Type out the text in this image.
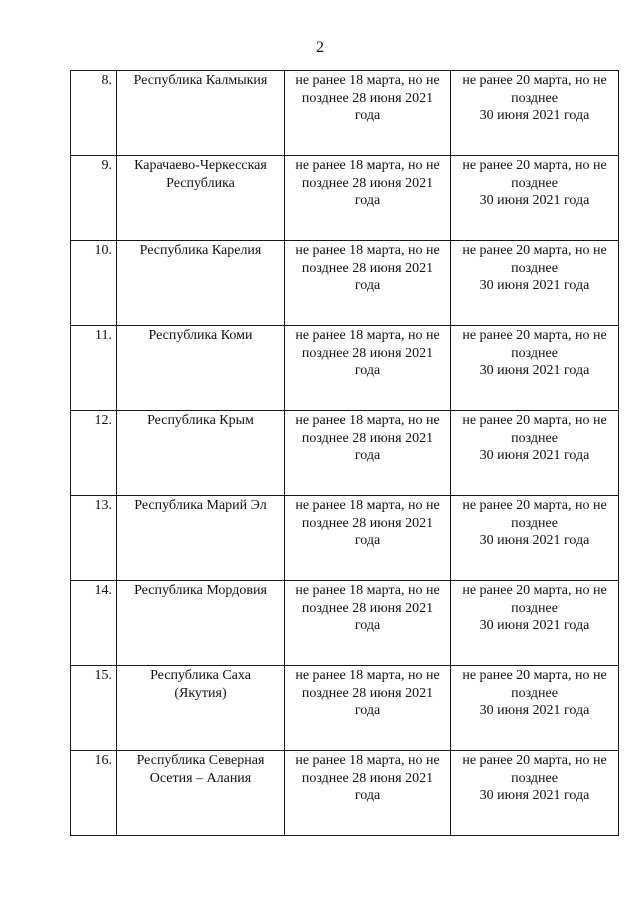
2
8.	Республика Калмыкия	не ранее 18 марта, но не
позднее 28 июня 2021
года	не ранее 20 марта, но не
позднее
30 июня 2021 года

9.	Карачаево-Черкесская
Республика	не ранее 18 марта, но не
позднее 28 июня 2021
года	не ранее 20 марта, но не
позднее
30 июня 2021 года

10.	Республика Карелия	не ранее 18 марта, но не
позднее 28 июня 2021
года	не ранее 20 марта, но не
позднее
30 июня 2021 года

11.	Республика Коми	не ранее 18 марта, но не
позднее 28 июня 2021
года	не ранее 20 марта, но не
позднее
30 июня 2021 года

12.	Республика Крым	не ранее 18 марта, но не
позднее 28 июня 2021
года	не ранее 20 марта, но не
позднее
30 июня 2021 года

13.	Республика Марий Эл	не ранее 18 марта, но не
позднее 28 июня 2021
года	не ранее 20 марта, но не
позднее
30 июня 2021 года

14.	Республика Мордовия	не ранее 18 марта, но не
позднее 28 июня 2021
года	не ранее 20 марта, но не
позднее
30 июня 2021 года

15.	Республика Саха
(Якутия)	не ранее 18 марта, но не
позднее 28 июня 2021
года	не ранее 20 марта, но не
позднее
30 июня 2021 года

16.	Республика Северная
Осетия – Алания	не ранее 18 марта, но не
позднее 28 июня 2021
года	не ранее 20 марта, но не
позднее
30 июня 2021 года
